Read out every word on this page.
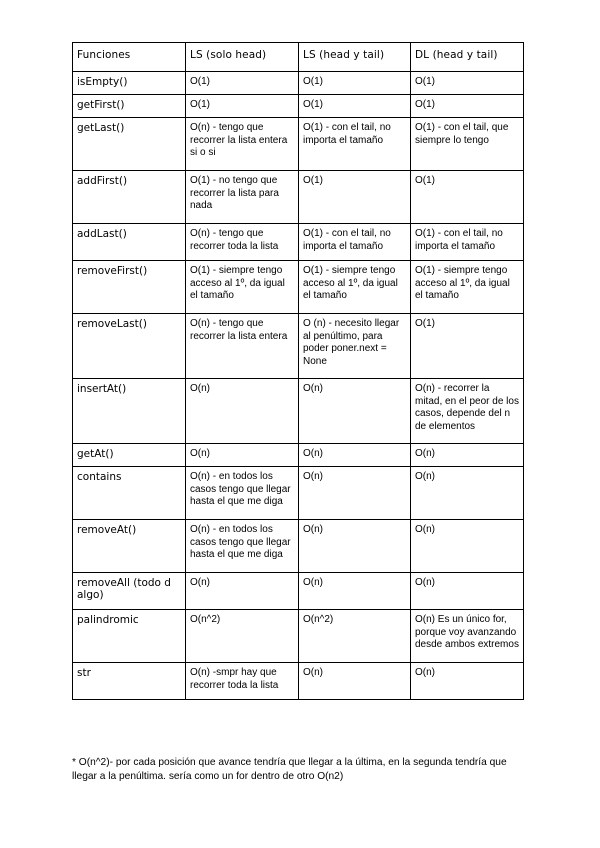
Funciones	LS (solo head)	LS (head y tail)	DL (head y tail)
isEmpty()	O(1)	O(1)	O(1)
getFirst()	O(1)	O(1)	O(1)
getLast()	O(n) - tengo que recorrer la lista entera si o si	O(1) - con el tail, no importa el tamaño	O(1) - con el tail, que siempre lo tengo
addFirst()	O(1) - no tengo que recorrer la lista para nada	O(1)	O(1)
addLast()	O(n) - tengo que recorrer toda la lista	O(1) - con el tail, no importa el tamaño	O(1) - con el tail, no importa el tamaño
removeFirst()	O(1) - siempre tengo acceso al 1º, da igual el tamaño	O(1) - siempre tengo acceso al 1º, da igual el tamaño	O(1) - siempre tengo acceso al 1º, da igual el tamaño
removeLast()	O(n) - tengo que recorrer la lista entera	O (n) - necesito llegar al penúltimo, para poder poner.next = None	O(1)
insertAt()	O(n)	O(n)	O(n) - recorrer la mitad, en el peor de los casos, depende del n de elementos
getAt()	O(n)	O(n)	O(n)
contains	O(n) - en todos los casos tengo que llegar hasta el que me diga	O(n)	O(n)
removeAt()	O(n) - en todos los casos tengo que llegar hasta el que me diga	O(n)	O(n)
removeAll (todo d algo)	O(n)	O(n)	O(n)
palindromic	O(n^2)	O(n^2)	O(n) Es un único for, porque voy avanzando desde ambos extremos
str	O(n) -smpr hay que recorrer toda la lista	O(n)	O(n)

* O(n^2)- por cada posición que avance tendría que llegar a la última, en la segunda tendría que llegar a la penúltima. sería como un for dentro de otro O(n2)
